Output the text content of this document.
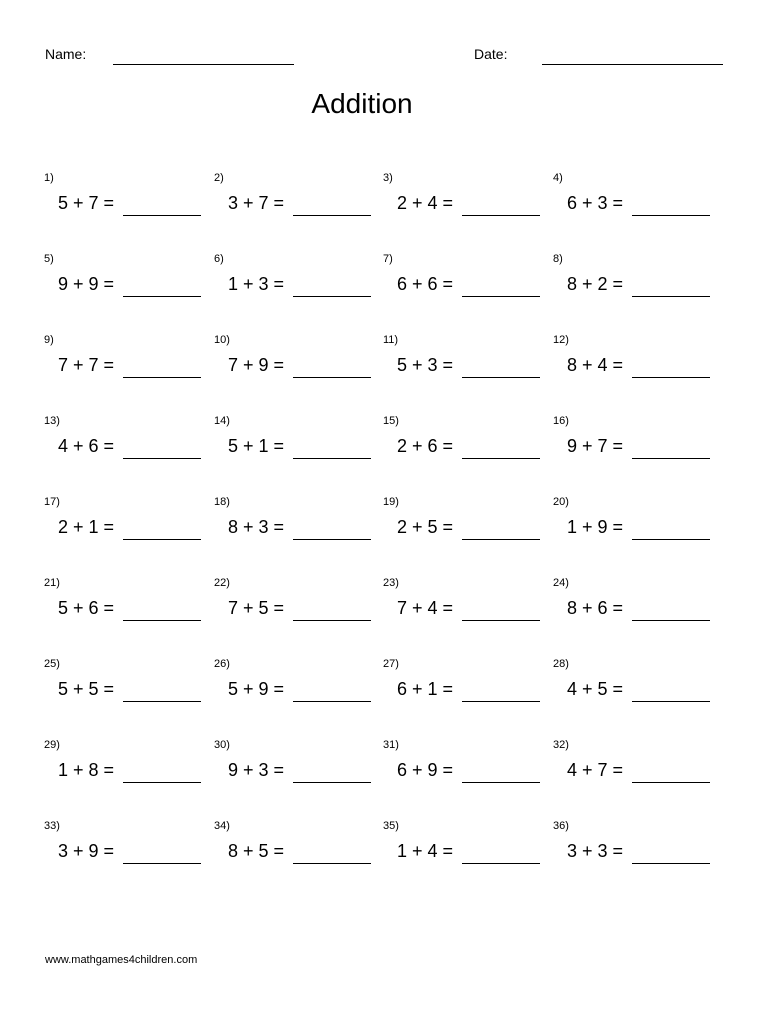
Name:	Date:
Addition
1)
5 + 7 =
2)
3 + 7 =
3)
2 + 4 =
4)
6 + 3 =
5)
9 + 9 =
6)
1 + 3 =
7)
6 + 6 =
8)
8 + 2 =
9)
7 + 7 =
10)
7 + 9 =
11)
5 + 3 =
12)
8 + 4 =
13)
4 + 6 =
14)
5 + 1 =
15)
2 + 6 =
16)
9 + 7 =
17)
2 + 1 =
18)
8 + 3 =
19)
2 + 5 =
20)
1 + 9 =
21)
5 + 6 =
22)
7 + 5 =
23)
7 + 4 =
24)
8 + 6 =
25)
5 + 5 =
26)
5 + 9 =
27)
6 + 1 =
28)
4 + 5 =
29)
1 + 8 =
30)
9 + 3 =
31)
6 + 9 =
32)
4 + 7 =
33)
3 + 9 =
34)
8 + 5 =
35)
1 + 4 =
36)
3 + 3 =
www.mathgames4children.com
